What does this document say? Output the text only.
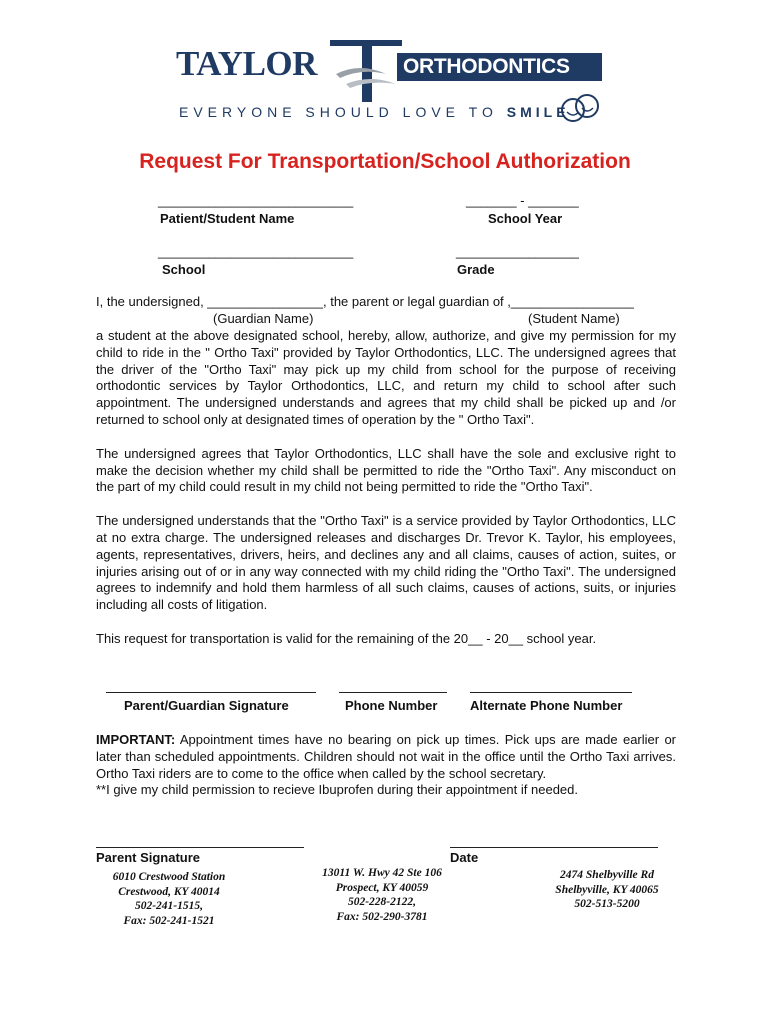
TAYLOR	ORTHODONTICS
EVERYONE SHOULD LOVE TO SMILE
Request For Transportation/School Authorization
___________________________
Patient/Student Name
_______ - _______
School Year
___________________________
School
_________________
Grade
I, the undersigned, ________________, the parent or legal guardian of ,_________________
(Guardian Name)	(Student Name)

a student at the above designated school, hereby, allow, authorize, and give my permission for my child to ride in the " Ortho Taxi" provided by Taylor Orthodontics, LLC. The undersigned agrees that the driver of the "Ortho Taxi" may pick up my child from school for the purpose of receiving orthodontic services by Taylor Orthodontics, LLC, and return my child to school after such appointment. The undersigned understands and agrees that my child shall be picked up and /or returned to school only at designated times of operation by the " Ortho Taxi".

The undersigned agrees that Taylor Orthodontics, LLC shall have the sole and exclusive right to make the decision whether my child shall be permitted to ride the "Ortho Taxi". Any misconduct on the part of my child could result in my child not being permitted to ride the "Ortho Taxi".

The undersigned understands that the "Ortho Taxi" is a service provided by Taylor Orthodontics, LLC at no extra charge. The undersigned releases and discharges Dr. Trevor K. Taylor, his employees, agents, representatives, drivers, heirs, and declines any and all claims, causes of action, suites, or injuries arising out of or in any way connected with my child riding the "Ortho Taxi". The undersigned agrees to indemnify and hold them harmless of all such claims, causes of actions, suits, or injuries including all costs of litigation.

This request for transportation is valid for the remaining of the 20__ - 20__ school year.

Parent/Guardian Signature	Phone Number	Alternate Phone Number

IMPORTANT: Appointment times have no bearing on pick up times. Pick ups are made earlier or later than scheduled appointments. Children should not wait in the office until the Ortho Taxi arrives. Ortho Taxi riders are to come to the office when called by the school secretary.

**I give my child permission to recieve Ibuprofen during their appointment if needed.

Parent Signature	Date
6010 Crestwood Station
Crestwood, KY 40014
502-241-1515,
Fax: 502-241-1521
13011 W. Hwy 42 Ste 106
Prospect, KY 40059
502-228-2122,
Fax: 502-290-3781
2474 Shelbyville Rd
Shelbyville, KY 40065
502-513-5200
